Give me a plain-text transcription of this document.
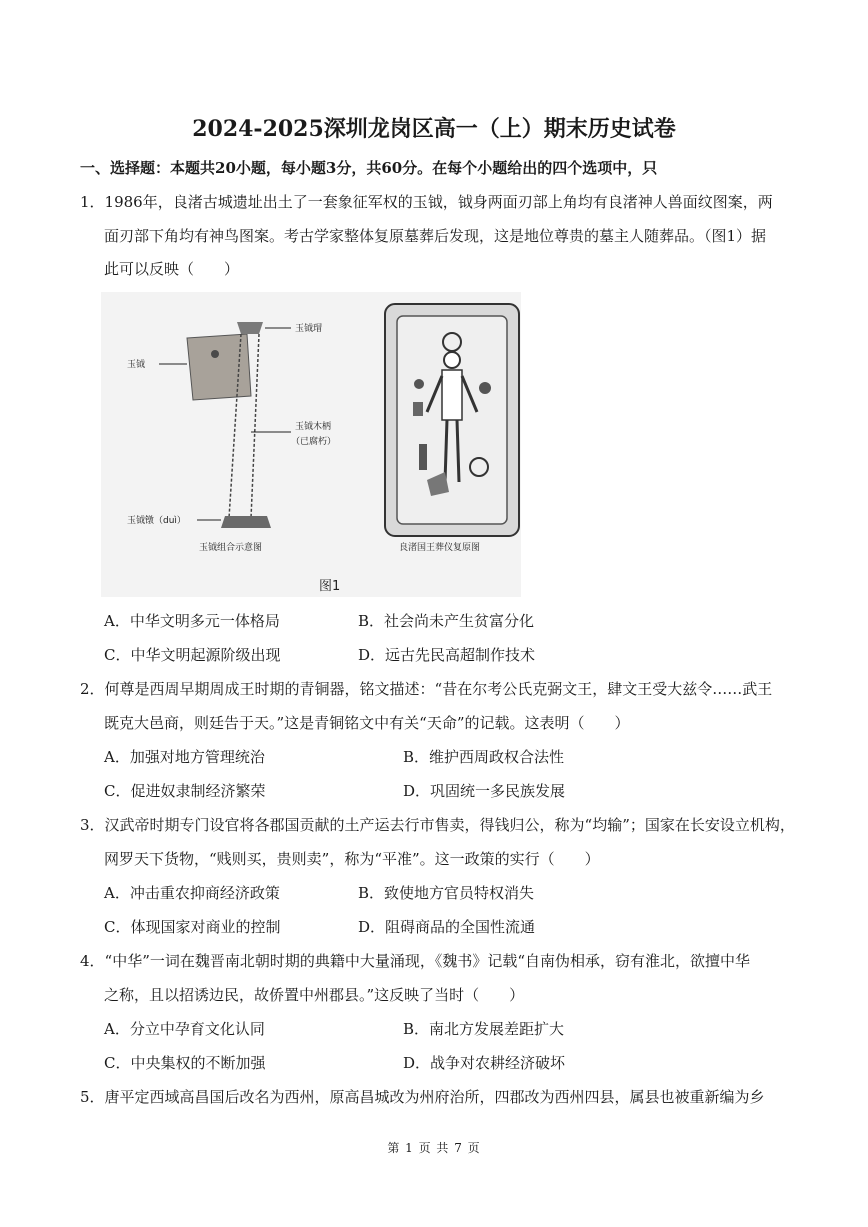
2024-2025深圳龙岗区高一（上）期末历史试卷
一、选择题：本题共20小题，每小题3分，共60分。在每个小题给出的四个选项中，只
1．1986年，良渚古城遗址出土了一套象征军权的玉钺，钺身两面刃部上角均有良渚神人兽面纹图案，两
面刃部下角均有神鸟图案。考古学家整体复原墓葬后发现，这是地位尊贵的墓主人随葬品。（图1）据
此可以反映（　　）
玉钺
玉钺瑁
玉钺木柄
（已腐朽）
玉钺镦（duì）
玉钺组合示意图	良渚国王葬仪复原图
图1
A．中华文明多元一体格局	B．社会尚未产生贫富分化
C．中华文明起源阶级出现	D．远古先民高超制作技术
2．何尊是西周早期周成王时期的青铜器，铭文描述：“昔在尔考公氏克弼文王，肆文王受大兹令……武王
既克大邑商，则廷告于天。”这是青铜铭文中有关“天命”的记载。这表明（　　）
A．加强对地方管理统治	B．维护西周政权合法性
C．促进奴隶制经济繁荣	D．巩固统一多民族发展
3．汉武帝时期专门设官将各郡国贡献的土产运去行市售卖，得钱归公，称为“均输”；国家在长安设立机构，
网罗天下货物，“贱则买，贵则卖”，称为“平准”。这一政策的实行（　　）
A．冲击重农抑商经济政策	B．致使地方官员特权消失
C．体现国家对商业的控制	D．阻碍商品的全国性流通
4．“中华”一词在魏晋南北朝时期的典籍中大量涌现，《魏书》记载“自南伪相承，窃有淮北，欲擅中华
之称，且以招诱边民，故侨置中州郡县。”这反映了当时（　　）
A．分立中孕育文化认同	B．南北方发展差距扩大
C．中央集权的不断加强	D．战争对农耕经济破坏
5．唐平定西域高昌国后改名为西州，原高昌城改为州府治所，四郡改为西州四县，属县也被重新编为乡
第 1 页 共 7 页
